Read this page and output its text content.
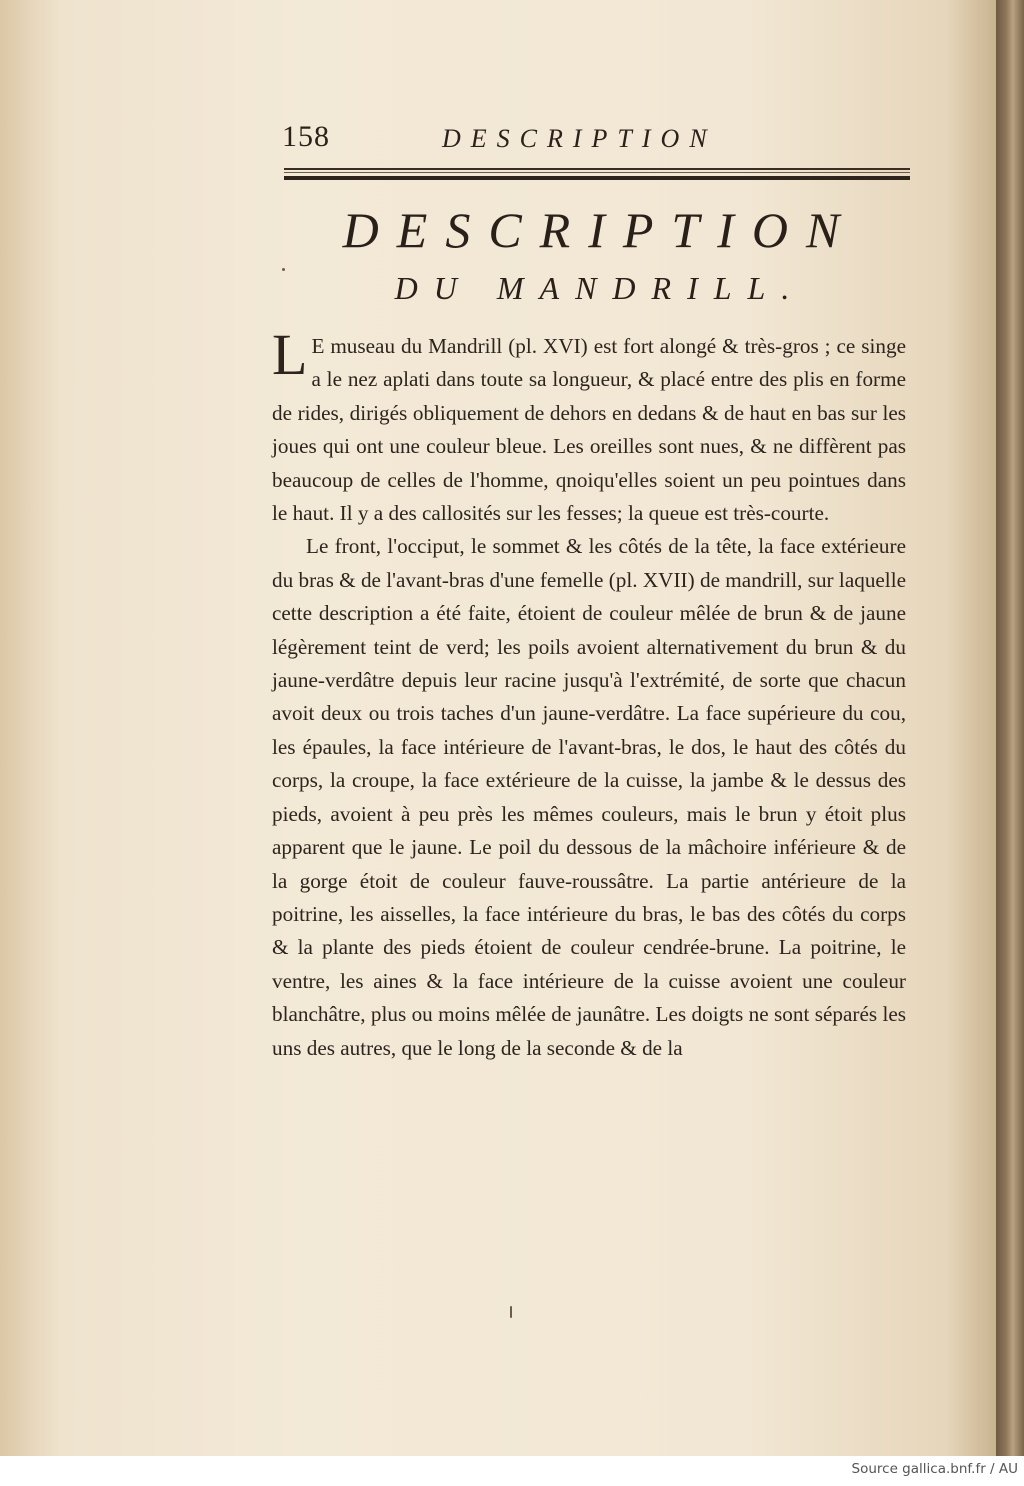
158	DESCRIPTION
DESCRIPTION
DU MANDRILL.

L E museau du Mandrill (pl. XVI) est fort alongé & très-gros ; ce singe a le nez aplati dans toute sa longueur, & placé entre des plis en forme de rides, dirigés obliquement de dehors en dedans & de haut en bas sur les joues qui ont une couleur bleue. Les oreilles sont nues, & ne diffèrent pas beaucoup de celles de l'homme, qnoiqu'elles soient un peu pointues dans le haut. Il y a des callosités sur les fesses; la queue est très-courte.

Le front, l'occiput, le sommet & les côtés de la tête, la face extérieure du bras & de l'avant-bras d'une femelle (pl. XVII) de mandrill, sur laquelle cette description a été faite, étoient de couleur mêlée de brun & de jaune légèrement teint de verd; les poils avoient alternativement du brun & du jaune-verdâtre depuis leur racine jusqu'à l'extrémité, de sorte que chacun avoit deux ou trois taches d'un jaune-verdâtre. La face supérieure du cou, les épaules, la face intérieure de l'avant-bras, le dos, le haut des côtés du corps, la croupe, la face extérieure de la cuisse, la jambe & le dessus des pieds, avoient à peu près les mêmes couleurs, mais le brun y étoit plus apparent que le jaune. Le poil du dessous de la mâchoire inférieure & de la gorge étoit de couleur fauve-roussâtre. La partie antérieure de la poitrine, les aisselles, la face intérieure du bras, le bas des côtés du corps & la plante des pieds étoient de couleur cendrée-brune. La poitrine, le ventre, les aines & la face intérieure de la cuisse avoient une couleur blanchâtre, plus ou moins mêlée de jaunâtre. Les doigts ne sont séparés les uns des autres, que le long de la seconde & de la

Source gallica.bnf.fr / AU
